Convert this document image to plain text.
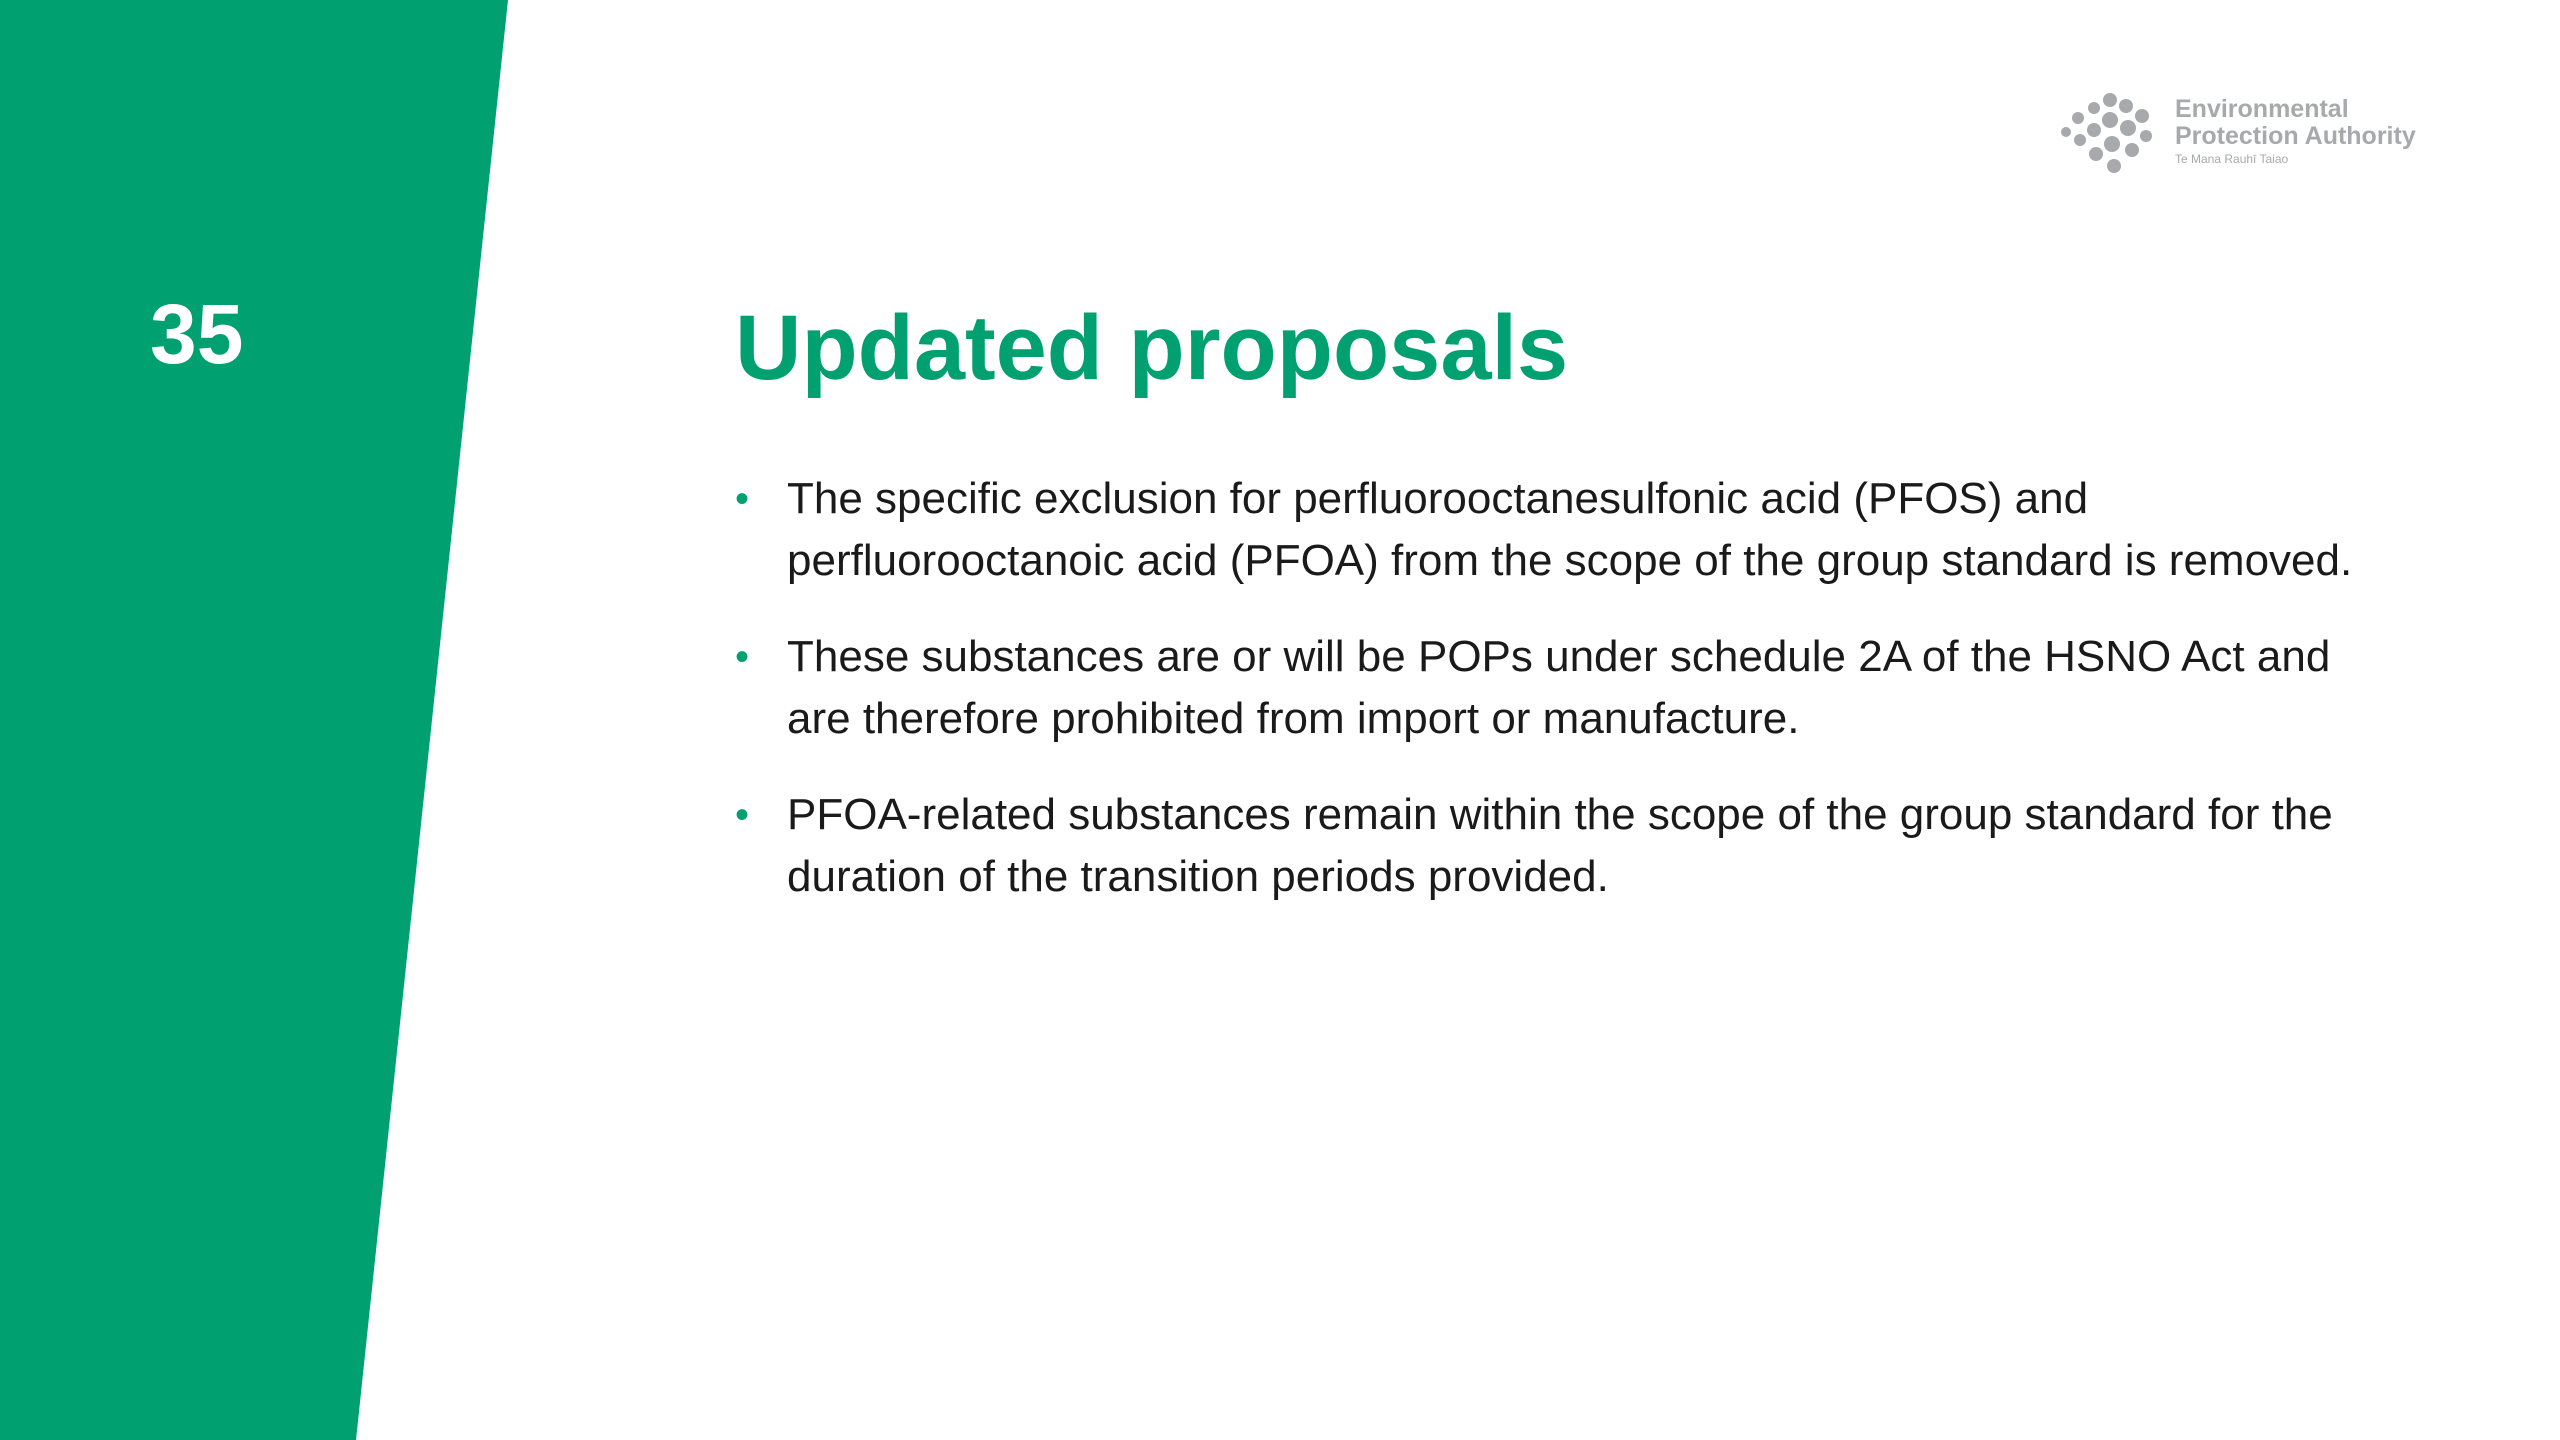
35
Environmental
Protection Authority
Te Mana Rauhī Taiao
Updated proposals
• The specific exclusion for perfluorooctanesulfonic acid (PFOS) and perfluorooctanoic acid (PFOA) from the scope of the group standard is removed.
• These substances are or will be POPs under schedule 2A of the HSNO Act and are therefore prohibited from import or manufacture.
• PFOA-related substances remain within the scope of the group standard for the duration of the transition periods provided.
